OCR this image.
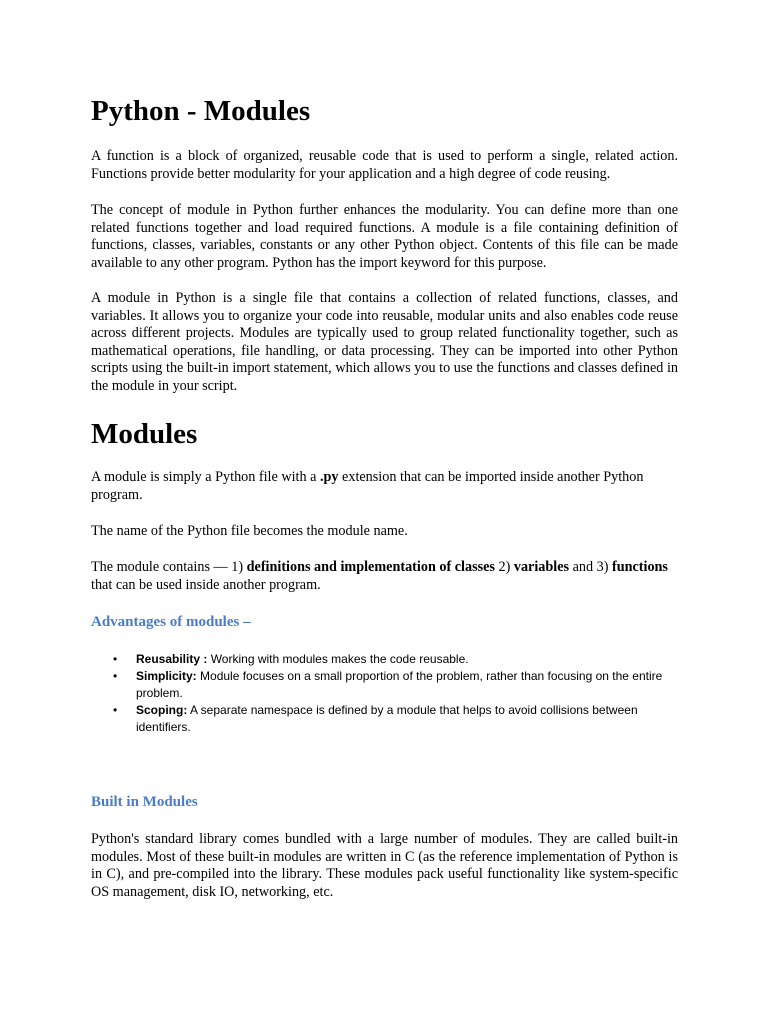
Python - Modules

A function is a block of organized, reusable code that is used to perform a single, related action. Functions provide better modularity for your application and a high degree of code reusing.

The concept of module in Python further enhances the modularity. You can define more than one related functions together and load required functions. A module is a file containing definition of functions, classes, variables, constants or any other Python object. Contents of this file can be made available to any other program. Python has the import keyword for this purpose.

A module in Python is a single file that contains a collection of related functions, classes, and variables. It allows you to organize your code into reusable, modular units and also enables code reuse across different projects. Modules are typically used to group related functionality together, such as mathematical operations, file handling, or data processing. They can be imported into other Python scripts using the built-in import statement, which allows you to use the functions and classes defined in the module in your script.

Modules

A module is simply a Python file with a .py extension that can be imported inside another Python program.

The name of the Python file becomes the module name.

The module contains — 1) definitions and implementation of classes 2) variables and 3) functions that can be used inside another program.

Advantages of modules –
•	Reusability : Working with modules makes the code reusable.
•	Simplicity: Module focuses on a small proportion of the problem, rather than focusing on the entire problem.
•	Scoping: A separate namespace is defined by a module that helps to avoid collisions between identifiers.
Built in Modules

Python's standard library comes bundled with a large number of modules. They are called built-in modules. Most of these built-in modules are written in C (as the reference implementation of Python is in C), and pre-compiled into the library. These modules pack useful functionality like system-specific OS management, disk IO, networking, etc.
